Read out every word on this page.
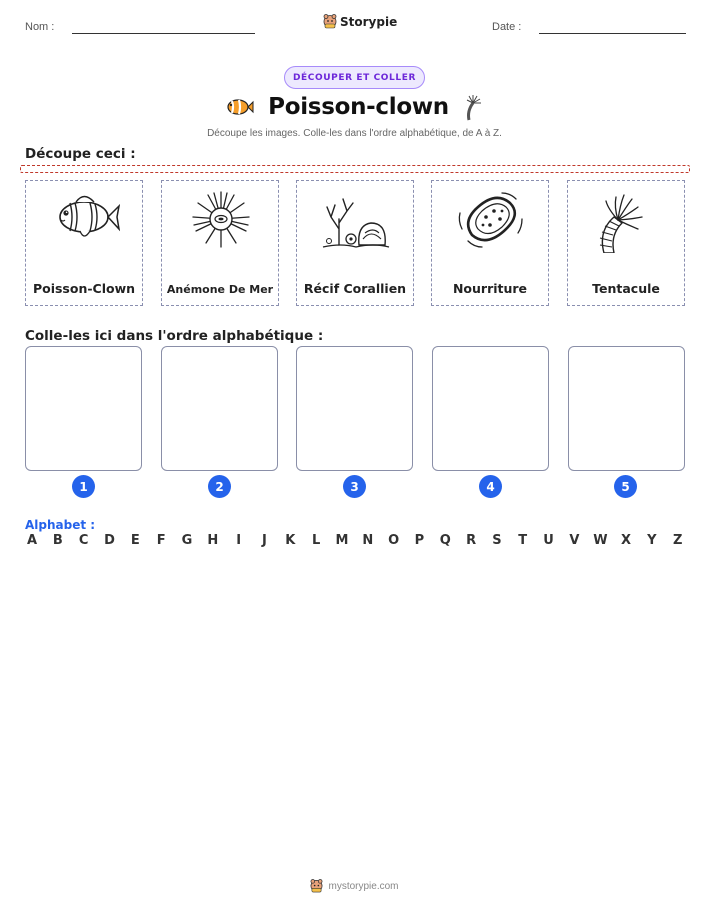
Nom :	Storypie	Date :
DÉCOUPER ET COLLER
Poisson-clown
Découpe les images. Colle-les dans l'ordre alphabétique, de A à Z.
Découpe ceci :
Poisson-Clown	Anémone De Mer	Récif Corallien	Nourriture	Tentacule
Colle-les ici dans l'ordre alphabétique :
1	2	3	4	5
Alphabet :
A B C D E F G H	I	J	K L M N O P Q R S T U V W X Y Z
mystorypie.com
